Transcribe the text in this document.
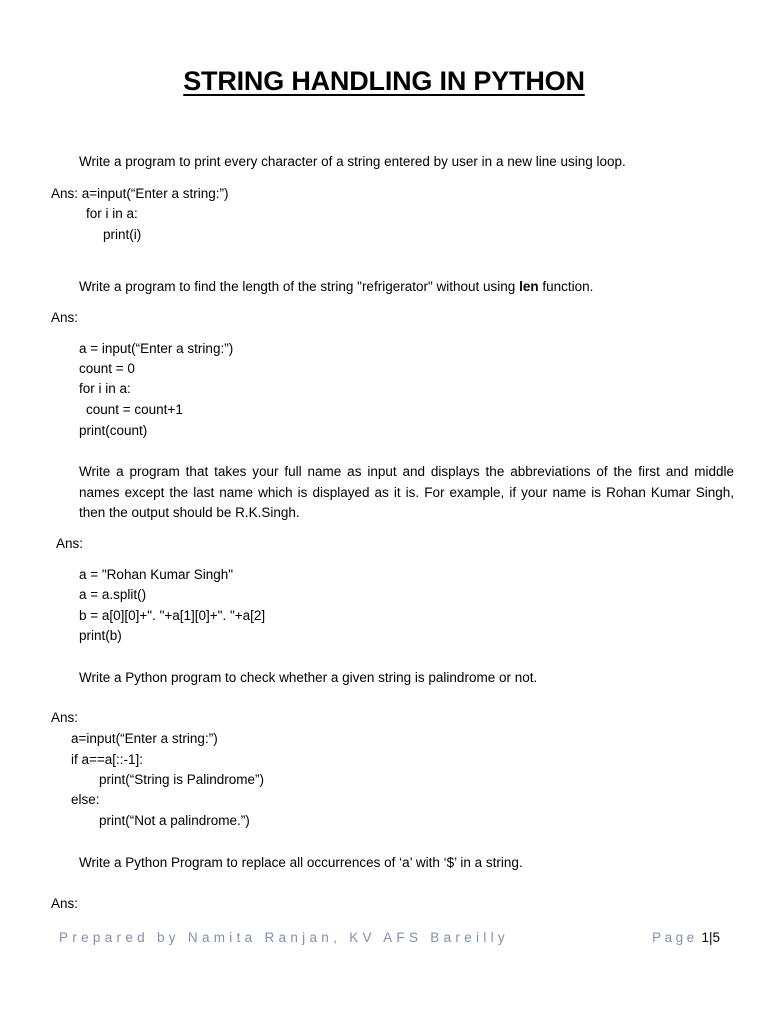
STRING HANDLING IN PYTHON
Write a program to print every character of a string entered by user in a new line using loop.
Ans: a=input(“Enter a string:”)
for i in a:
print(i)
Write a program to find the length of the string "refrigerator" without using len function.
Ans:
a = input(“Enter a string:”)
count = 0
for i in a:
count = count+1
print(count)
Write a program that takes your full name as input and displays the abbreviations of the first and middle names except the last name which is displayed as it is. For example, if your name is Rohan Kumar Singh, then the output should be R.K.Singh.
Ans:
a = "Rohan Kumar Singh"
a = a.split()
b = a[0][0]+". "+a[1][0]+". "+a[2]
print(b)
Write a Python program to check whether a given string is palindrome or not.
Ans:
a=input(“Enter a string:”)
if a==a[::-1]:
print(“String is Palindrome”)
else:
print(“Not a palindrome.”)
Write a Python Program to replace all occurrences of ‘a’ with ‘$’ in a string.
Ans:
Prepared by Namita Ranjan, KV AFS Bareilly	Page 1|5
